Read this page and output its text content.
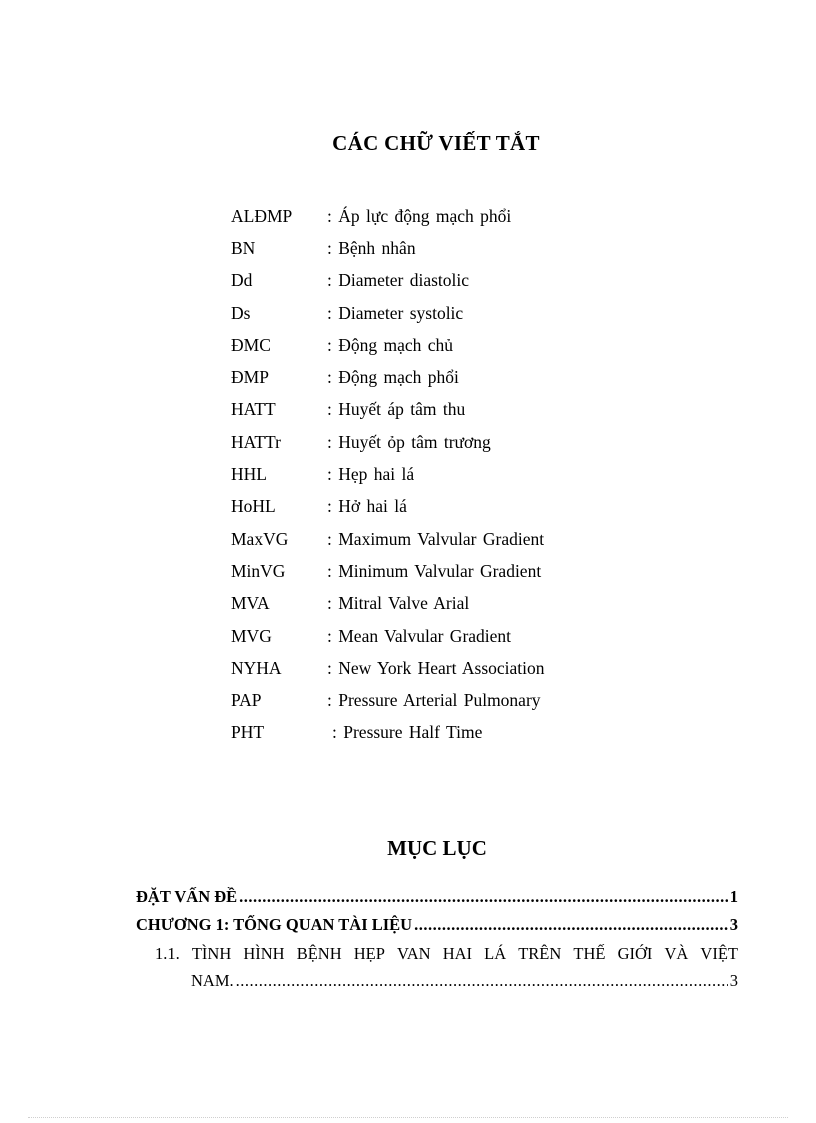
CÁC CHỮ VIẾT TẮT
ALĐMP	: Áp lực động mạch phổi
BN	: Bệnh nhân
Dd	: Diameter diastolic
Ds	: Diameter systolic
ĐMC	: Động mạch chủ
ĐMP	: Động mạch phổi
HATT	: Huyết áp tâm thu
HATTr	: Huyết ỏp tâm trương
HHL	: Hẹp hai lá
HoHL	: Hở hai lá
MaxVG	: Maximum Valvular Gradient
MinVG	: Minimum Valvular Gradient
MVA	: Mitral Valve Arial
MVG	: Mean Valvular Gradient
NYHA	: New York Heart Association
PAP	: Pressure Arterial Pulmonary
PHT	: Pressure Half Time
MỤC LỤC
ĐẶT VẤN ĐỀ .....	1
CHƯƠNG 1: TỔNG QUAN TÀI LIỆU .....	3
1.1. TÌNH HÌNH BỆNH HẸP VAN HAI LÁ TRÊN THẾ GIỚI VÀ VIỆT
NAM. .....	3
